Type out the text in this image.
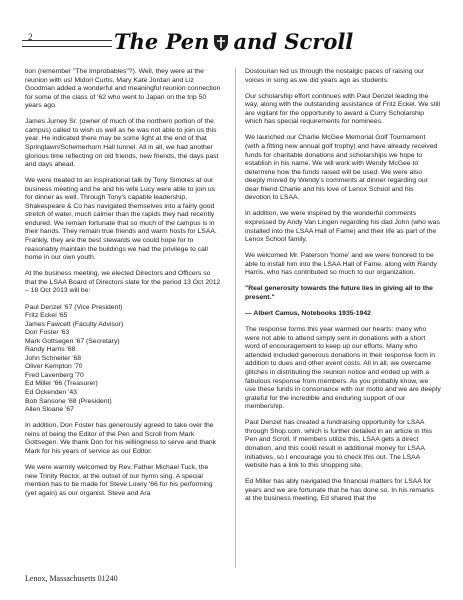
2	The Pen and Scroll

tion (remember "The Improbables"?). Well, they were at the reunion with us! Midori Curtis, Mary Kate Jordan and Liz Goodman added a wonderful and meaningful reunion connection for some of the class of '62 who went to Japan on the trip 50 years ago.

James Jurney Sr. (owner of much of the northern portion of the campus) called to wish us well as he was not able to join us this year. He indicated there may be some light at the end of that Springlawn/Schemerhorn Hall tunnel. All in all, we had another glorious time reflecting on old friends, new friends, the days past and days ahead.

We were treated to an inspirational talk by Tony Simotes at our business meeting and he and his wife Lucy were able to join us for dinner as well. Through Tony's capable leadership, Shakespeare & Co has navigated themselves into a fairly good stretch of water, much calmer than the rapids they had recently endured. We remain fortunate that so much of the campus is in their hands. They remain true friends and warm hosts for LSAA. Frankly, they are the best stewards we could hope for to reasonably maintain the buildings we had the privilege to call home in our own youth.

At the business meeting, we elected Directors and Officers so that the LSAA Board of Directors slate for the period 13 Oct 2012 – 18 Oct 2013 will be:

Paul Denzel '67 (Vice President)
Fritz Eckel '65
James Fawcett (Faculty Advisor)
Don Foster '63
Mark Gottsegen '67 (Secretary)
Randy Harris '68
John Schneiter '68
Oliver Kempton '70
Fred Lavenberg '70
Ed Miller '66 (Treasurer)
Ed Ockenden '43
Bob Sansone '68 (President)
Allen Sloane '67

In addition, Don Foster has generously agreed to take over the reins of being the Editor of the Pen and Scroll from Mark Gottsegen. We thank Don for his willingness to serve and thank Mark for his years of service as our Editor.

We were warmly welcomed by Rev. Father Michael Tuck, the new Trinity Rector, at the outset of our hymn sing. A special mention has to be made for Steve Lowry '66 for his performing (yet again) as our organist. Steve and Ara

Dostourian led us through the nostalgic paces of raising our voices in song as we did years ago as students.

Our scholarship effort continues with Paul Denzel leading the way, along with the outstanding assistance of Fritz Eckel. We still are vigilant for the opportunity to award a Curry Scholarship which has special requirements for nominees.

We launched our Charlie McGee Memorial Golf Tournament (with a fitting new annual golf trophy) and have already received funds for charitable donations and scholarships we hope to establish in his name. We will work with Wendy McGee to determine how the funds raised will be used. We were also deeply moved by Wendy's comments at dinner regarding our dear friend Charlie and his love of Lenox School and his devotion to LSAA.

In addition, we were inspired by the wonderful comments expressed by Andy Van Lingen regarding his dad John (who was installed into the LSAA Hall of Fame) and their life as part of the Lenox School family.

We welcomed Mr. Paterson 'home' and we were honored to be able to install him into the LSAA Hall of Fame, along with Randy Harris, who has contributed so much to our organization.

"Real generosity towards the future lies in giving all to the present."

— Albert Camus, Notebooks 1935-1942

The response forms this year warmed our hearts: many who were not able to attend simply sent in donations with a short word of encouragement to keep up our efforts. Many who attended included generous donations in their response form in addition to dues and other event costs. All in all, we overcame glitches in distributing the reunion notice and ended up with a fabulous response from members. As you probably know, we use these funds in consonance with our motto and we are deeply grateful for the incredible and enduring support of our membership.

Paul Denzel has created a fundraising opportunity for LSAA through Shop.com. which is further detailed in an article in this Pen and Scroll. If members utilize this, LSAA gets a direct donation, and this could result in additional money for LSAA initiatives, so I encourage you to check this out. The LSAA website has a link to this shopping site.

Ed Miller has ably navigated the financial matters for LSAA for years and we are fortunate that he has done so. In his remarks at the business meeting, Ed shared that the

Lenox, Massachusetts 01240
